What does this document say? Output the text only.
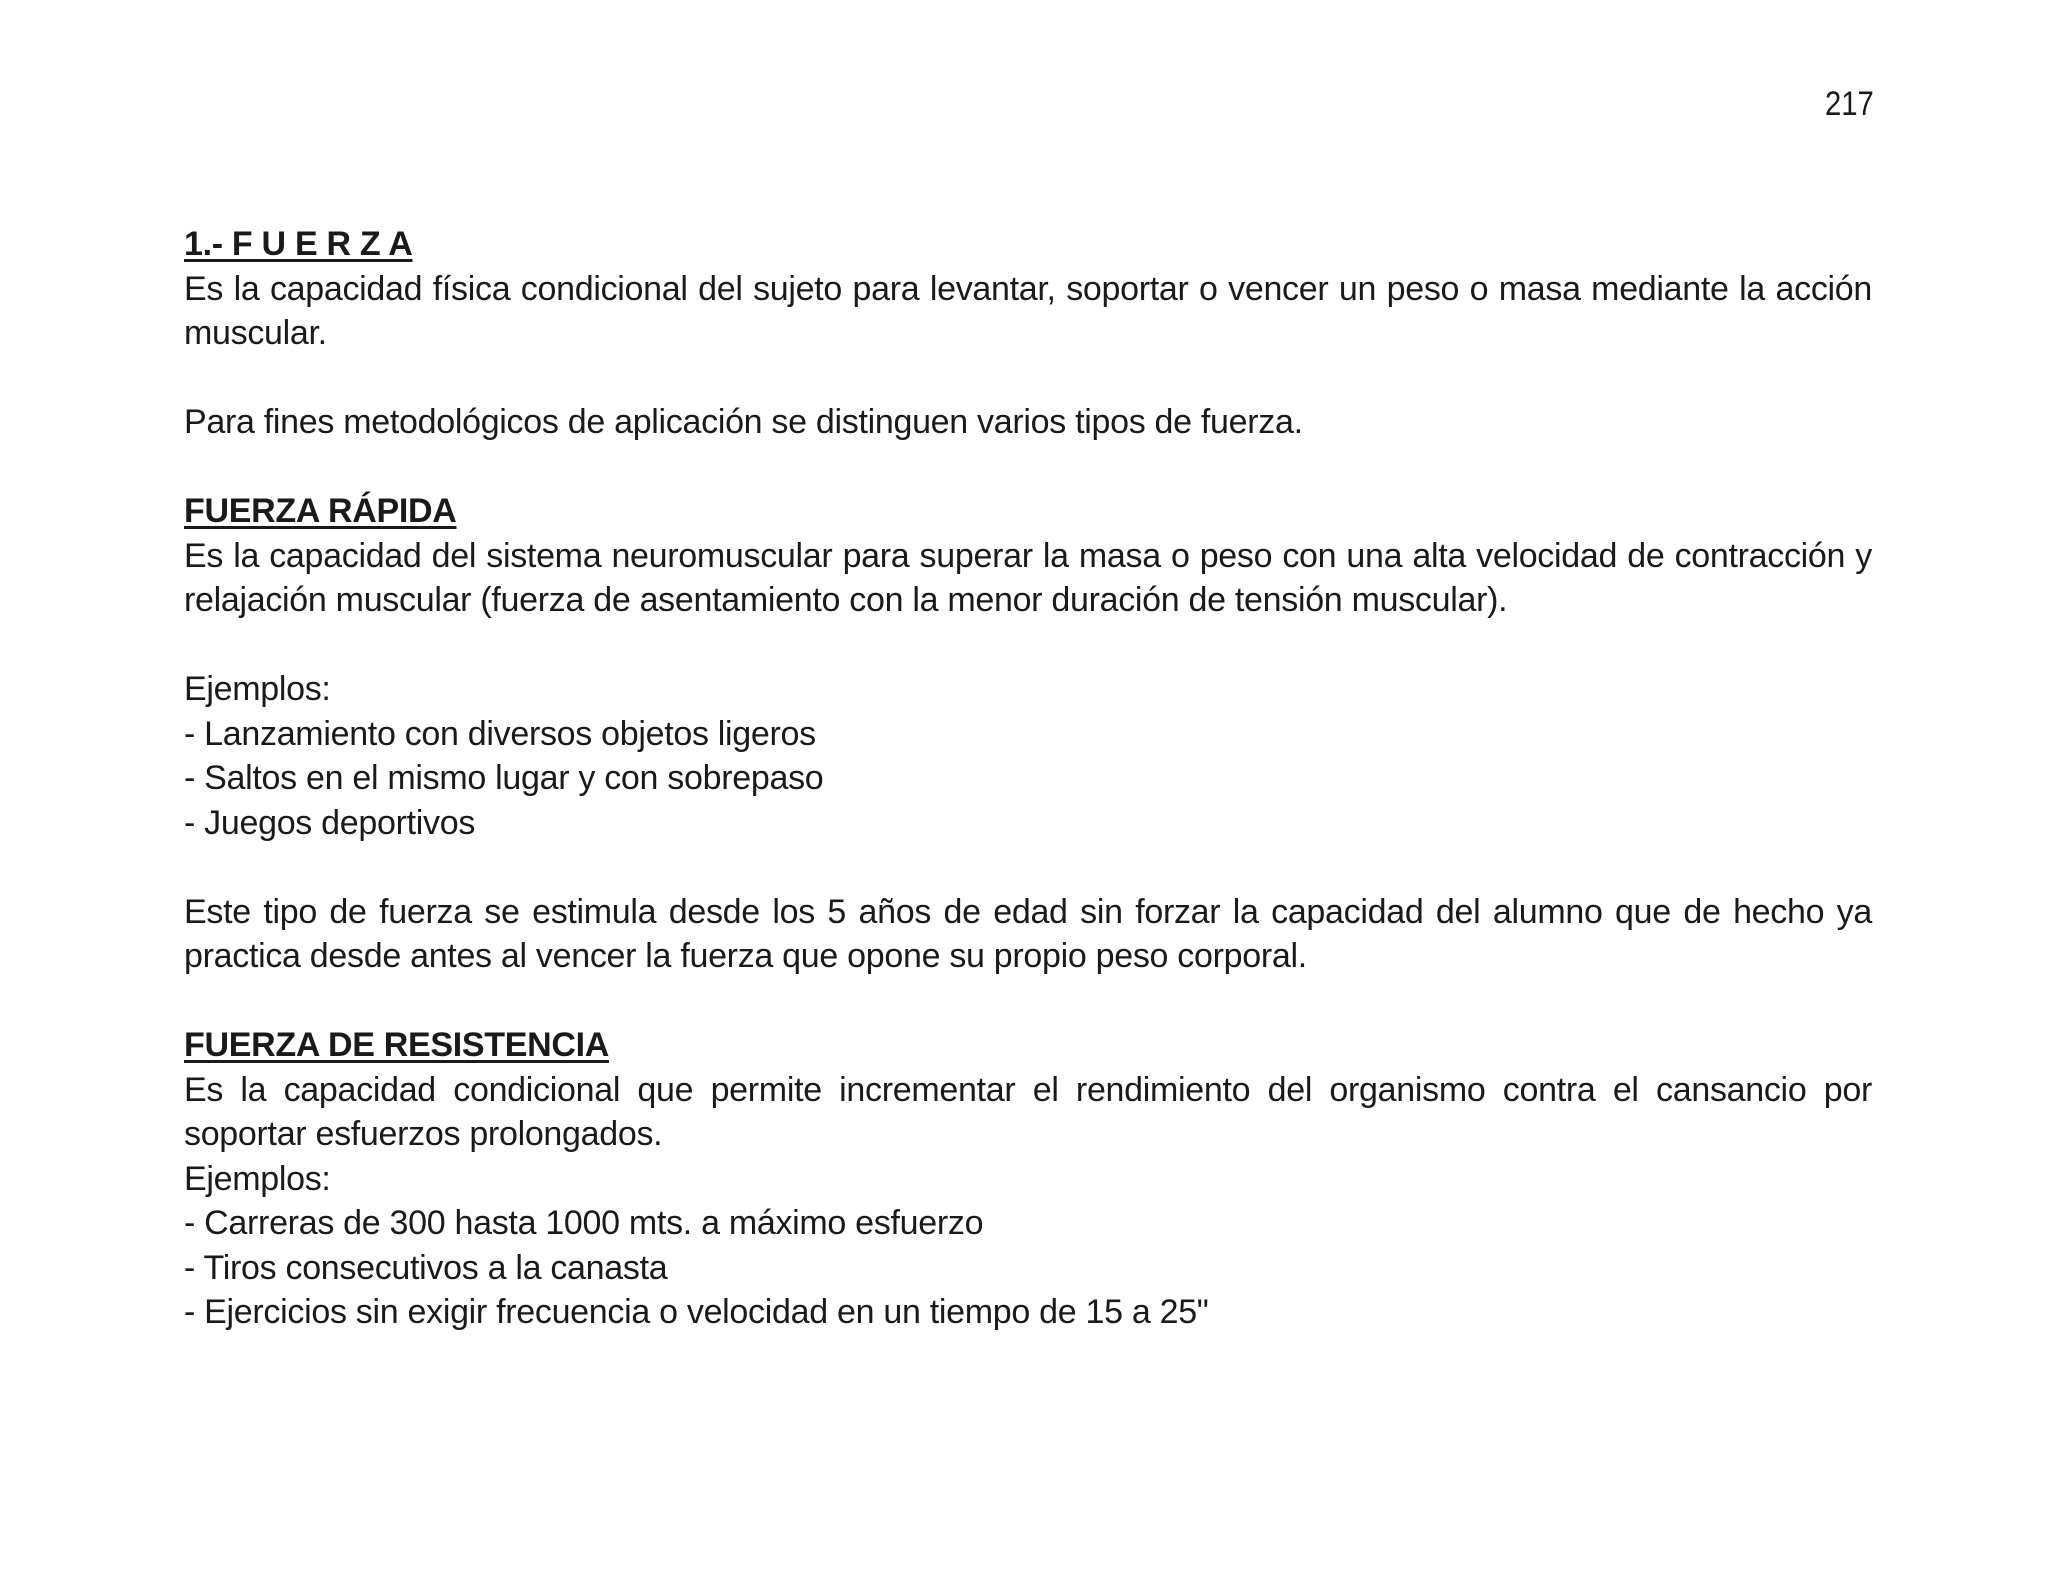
217

1.- F U E R Z A

Es la capacidad física condicional del sujeto para levantar, soportar o vencer un peso o masa mediante la acción muscular.

Para fines metodológicos de aplicación se distinguen varios tipos de fuerza.

FUERZA RÁPIDA

Es la capacidad del sistema neuromuscular para superar la masa o peso con una alta velocidad de contracción y relajación muscular (fuerza de asentamiento con la menor duración de tensión muscular).

Ejemplos:

- Lanzamiento con diversos objetos ligeros

- Saltos en el mismo lugar y con sobrepaso

- Juegos deportivos

Este tipo de fuerza se estimula desde los 5 años de edad sin forzar la capacidad del alumno que de hecho ya practica desde antes al vencer la fuerza que opone su propio peso corporal.

FUERZA DE RESISTENCIA

Es la capacidad condicional que permite incrementar el rendimiento del organismo contra el cansancio por soportar esfuerzos prolongados.

Ejemplos:

- Carreras de 300 hasta 1000 mts. a máximo esfuerzo

- Tiros consecutivos a la canasta

- Ejercicios sin exigir frecuencia o velocidad en un tiempo de 15 a 25"
